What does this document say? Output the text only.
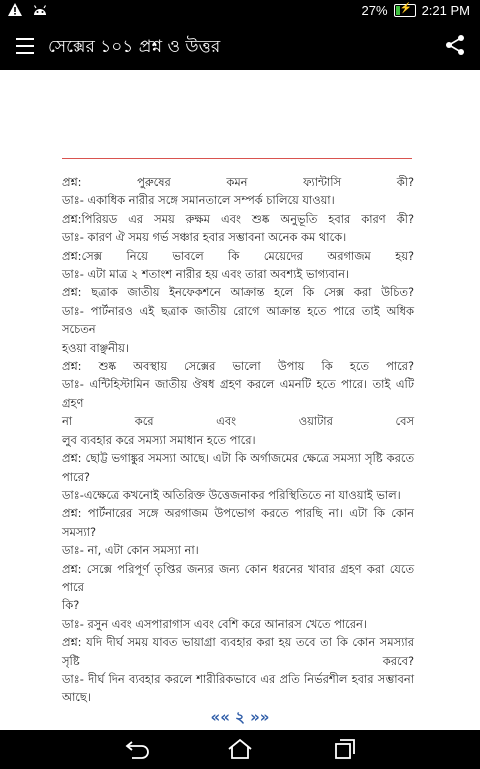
27% ⚡ 2:21 PM
সেক্সের ১০১ প্রশ্ন ও উত্তর

প্রশ্ন: পুরুষের কমন ফ্যান্টাসি কী?

ডাঃ- একাধিক নারীর সঙ্গে সমানতালে সম্পর্ক চালিয়ে যাওয়া।

প্রশ্ন:পিরিয়ড এর সময় রুক্ষম এবং শুষ্ক অনুভূতি হবার কারণ কী?

ডাঃ- কারণ ঐ সময় গর্ভ সঞ্চার হবার সম্ভাবনা অনেক কম থাকে।

প্রশ্ন:সেক্স নিয়ে ভাবলে কি মেয়েদের অরগাজম হয়?

ডাঃ- এটা মাত্র ২ শতাংশ নারীর হয় এবং তারা অবশ্যই ভাগ্যবান।

প্রশ্ন: ছত্রাক জাতীয় ইনফেকশনে আক্রান্ত হলে কি সেক্স করা উচিত?

ডাঃ- পার্টনারও এই ছত্রাক জাতীয় রোগে আক্রান্ত হতে পারে তাই অধিক সচেতন

হওয়া বাঞ্ছনীয়।

প্রশ্ন: শুষ্ক অবস্থায় সেক্সের ভালো উপায় কি হতে পারে?

ডাঃ- এন্টিহিস্টামিন জাতীয় ঔষধ গ্রহণ করলে এমনটি হতে পারে। তাই এটি গ্রহণ

না করে এবং ওয়াটার বেস

লুব ব্যবহার করে সমস্যা সমাধান হতে পারে।

প্রশ্ন: ছোট্ট ভগাঙ্কুর সমস্যা আছে। এটা কি অর্গাজমের ক্ষেত্রে সমস্যা সৃষ্টি করতে

পারে?

ডাঃ-এক্ষেত্রে কখনোই অতিরিক্ত উত্তেজনাকর পরিস্থিতিতে না যাওয়াই ভাল।

প্রশ্ন: পার্টনারের সঙ্গে অরগাজম উপভোগ করতে পারছি না। এটা কি কোন সমস্যা?

ডাঃ- না, এটা কোন সমস্যা না।

প্রশ্ন: সেক্সে পরিপূর্ণ তৃপ্তির জন্যর জন্য কোন ধরনের খাবার গ্রহণ করা যেতে পারে

কি?

ডাঃ- রসুন এবং এসপারাগাস এবং বেশি করে আনারস খেতে পারেন।

প্রশ্ন: যদি দীর্ঘ সময় যাবত ভায়াগ্রা ব্যবহার করা হয় তবে তা কি কোন সমস্যার

সৃষ্টি করবে?

ডাঃ- দীর্ঘ দিন ব্যবহার করলে শারীরিকভাবে এর প্রতি নির্ভরশীল হবার সম্ভাবনা

আছে।

«« ২ »»
